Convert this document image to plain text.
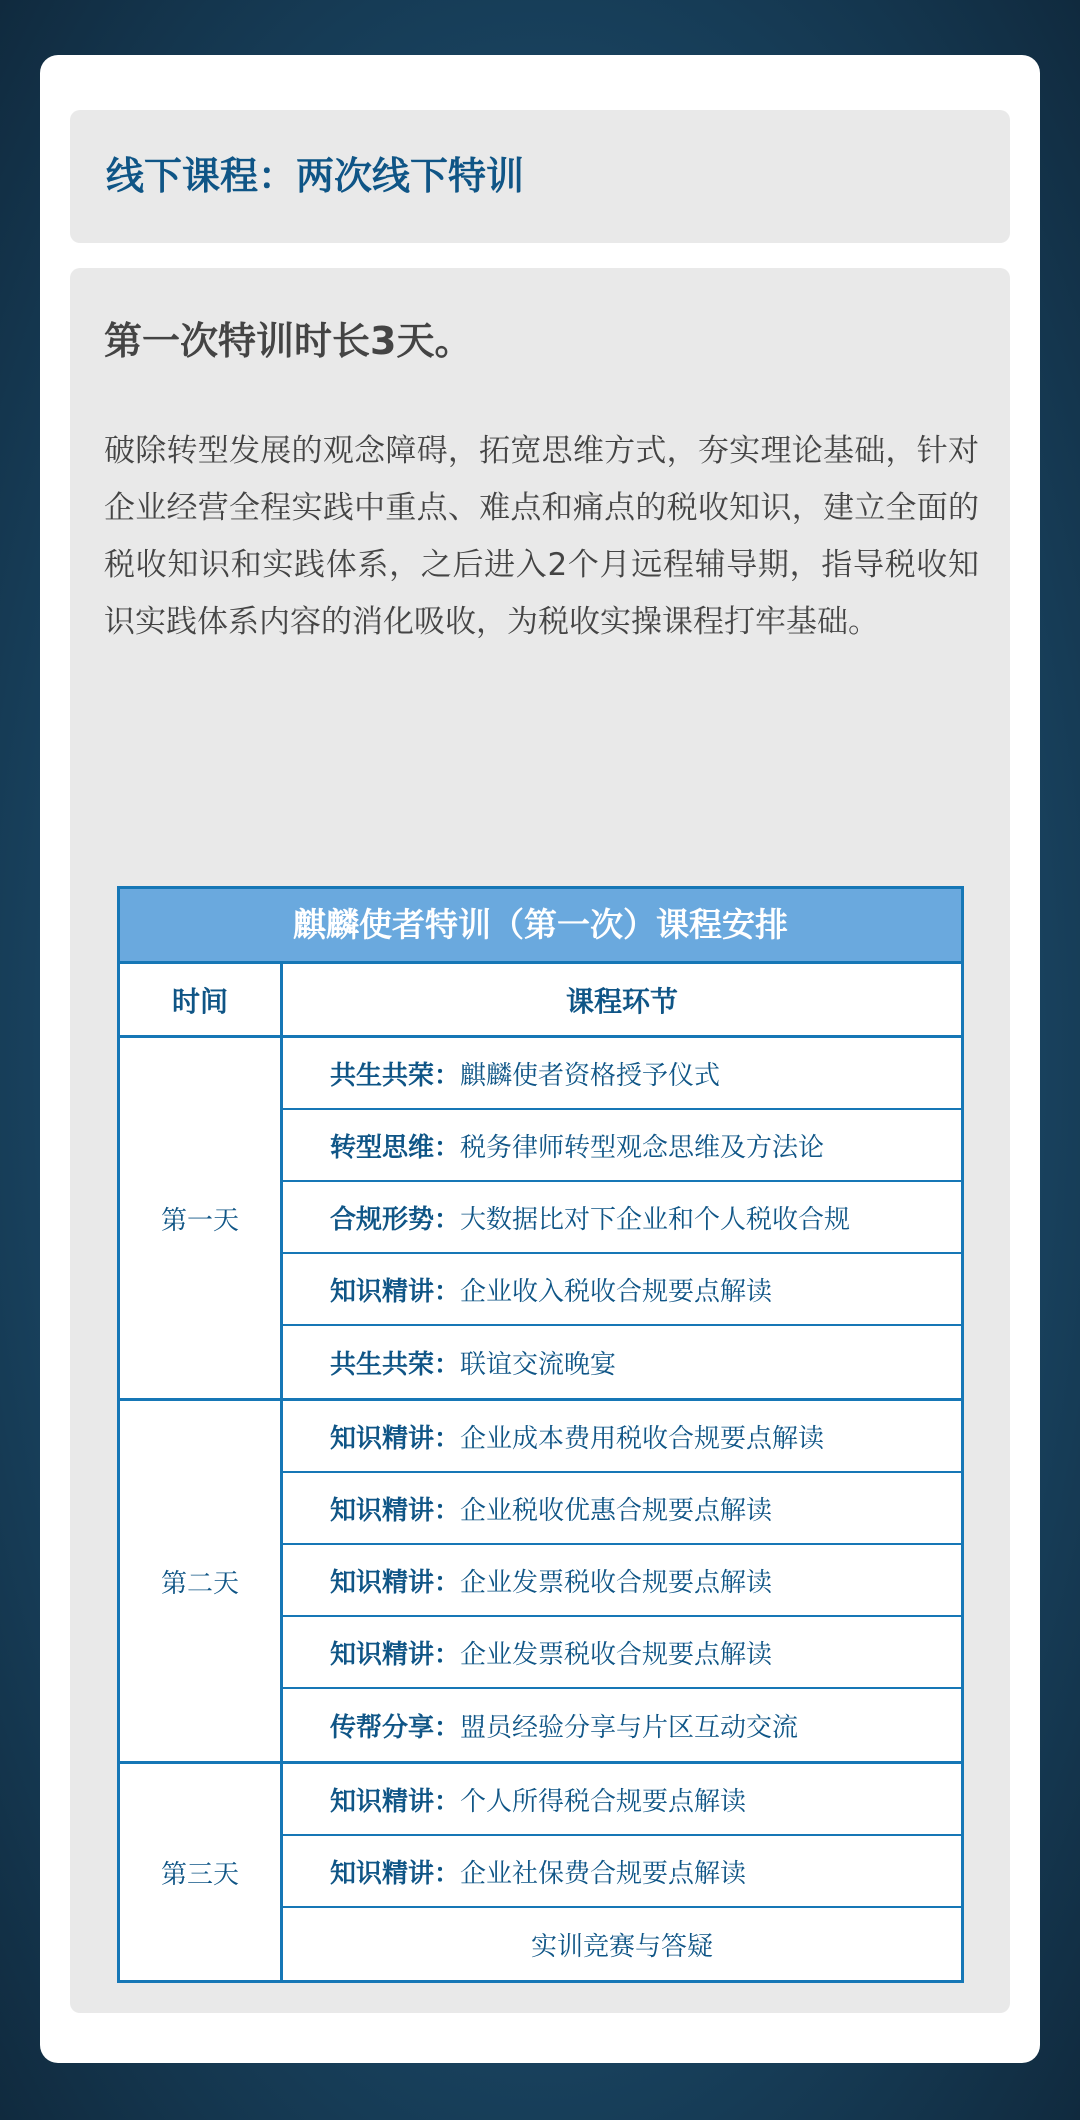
线下课程：两次线下特训
第一次特训时长3天。

破除转型发展的观念障碍，拓宽思维方式，夯实理论基础，针对企业经营全程实践中重点、难点和痛点的税收知识，建立全面的税收知识和实践体系，之后进入2个月远程辅导期，指导税收知识实践体系内容的消化吸收，为税收实操课程打牢基础。

麒麟使者特训（第一次）课程安排
时间	课程环节
第一天
共生共荣： 麒麟使者资格授予仪式
转型思维： 税务律师转型观念思维及方法论
合规形势： 大数据比对下企业和个人税收合规
知识精讲： 企业收入税收合规要点解读
共生共荣： 联谊交流晚宴
第二天
知识精讲： 企业成本费用税收合规要点解读
知识精讲： 企业税收优惠合规要点解读
知识精讲： 企业发票税收合规要点解读
知识精讲： 企业发票税收合规要点解读
传帮分享： 盟员经验分享与片区互动交流
第三天
知识精讲： 个人所得税合规要点解读
知识精讲： 企业社保费合规要点解读
实训竞赛与答疑
